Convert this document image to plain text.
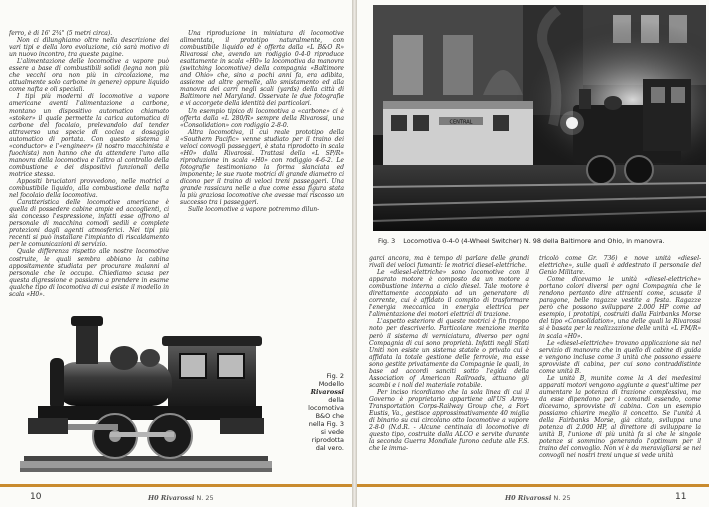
ferro, è di 16' 2¾" (5 metri circa).

Non ci dilunghiamo oltre nella descrizione dei vari tipi e della loro evoluzione, ciò sarà motivo di un nuovo incontro, tra queste pagine.

L'alimentazione delle locomotive a vapore può essere a base di combustibili solidi (legna non più che vecchi ora non più in circolazione, ma attualmente solo carbone in genere) oppure liquido come nafta e oli speciali.

I tipi più moderni di locomotive a vapore americane aventi l'alimentazione a carbone, montano un dispositivo automatico chiamato «stoker» il quale permette la carica automatica di carbone del focolaio, prelevandolo dal tender attraverso una specie di coclea a dosaggio automatico di portata. Con questo sistema il «conductor» e l'«engineer» (il nostro macchinista e fuochista) non hanno che da attendere l'uno alla manovra della locomotiva e l'altro al controllo della combustione e dei dispositivi funzionali della motrice stessa.

Appositi bruciatori provvedono, nelle motrici a combustibile liquido, alla combustione della nafta nel focolaio della locomotiva.

Caratteristica delle locomotive americane è quella di possedere cabine ampie ed accoglienti, ci sia concesso l'espressione, infatti esse offrono al personale di macchina comodi sedili e complete protezioni dagli agenti atmosferici. Nei tipi più recenti si può installare l'impianto di riscaldamento per le comunicazioni di servizio.

Quale differenza rispetto alle nostre locomotive costruite, le quali sembra abbiano la cabina appositamente studiata per procurare malanni al personale che le occupa. Chiediamo scusa per questa digressione e passiamo a prendere in esame qualche tipo di locomotiva di cui esiste il modello in scala «H0».

Una riproduzione in miniatura di locomotive alimentata, il prototipo naturalmente, con combustibile liquido ed è offerta dalla «L B&O R» Rivarossi che, avendo un rodiggio 0-4-0 riproduce esattamente in scala «H0» la locomotiva da manovra (switching locomotive) della compagnia «Baltimore and Ohio» che, sino a pochi anni fa, era adibita, assieme ad altre gemelle, allo smistamento ed alla manovra dei carri negli scali (yards) della città di Baltimore nel Maryland. Osservate le due fotografie e vi accorgete della identità dei particolari.

Un esempio tipico di locomotiva a «carbone» ci è offerta dalla «L 280/R» sempre della Rivarossi, una «Consolidation» con rodiggio 2-8-0.

Altra locomotiva, il cui reale prototipo della «Southern Pacific» venne studiato per il traino dei veloci convogli passeggeri, è stata riprodotto in scala «H0» dalla Rivarossi. Trattasi della «L SP/R» riproduzione in scala «H0» con rodiggio 4-6-2. Le fotografie testimoniano la forma slanciata ed imponente; le sue ruote motrici di grande diametro ci dicono per il traino di veloci treni passeggeri. Una grande rassicura nelle a due come essa figura stata la più graziosa locomotive che avesse mai riscosso un successo tra i passeggeri.

Sulle locomotive a vapore potremmo dilun-

Fig. 2
Modello
Rivarossi
della
locomotiva
B&O che
nella Fig. 3
si vede
riprodotta
dal vero.
10	H0 Rivarossi N. 25
CENTRAL
Fig. 3    Locomotiva 0-4-0 (4-Wheel Switcher) N. 98 della Baltimore and Ohio, in manovra.

garci ancora, ma è tempo di parlare delle grandi rivali dei veloci fumanti: le motrici diesel-elettriche.

Le «diesel-elettriche» sono locomotive con il apparato motore è composto da un motore a combustione interna a ciclo diesel. Tale motore è direttamente accoppiato ad un generatore di corrente, cui è affidato il compito di trasformare l'energia meccanica in energia elettrica per l'alimentazione dei motori elettrici di trazione.

L'aspetto esteriore di queste motrici è fin troppo noto per descriverlo. Particolare menzione merita però il sistema di verniciatura, diverso per ogni Compagnia di cui sono proprietà. Infatti negli Stati Uniti non esiste un sistema statale o privato cui è affidata la totale gestione delle ferrovie, ma esse sono gestite privatamente da Compagnie le quali, in base ad accordi sanciti sotto l'egida della Association of American Railroads, attuano gli scambi e i noli del materiale rotabile.

Per inciso ricordiamo che la sola linea di cui il Governo è proprietario appartiene all'US Army-Transportation Corps-Railway Group che, a Fort Eustis, Va., gestisce approssimativamente 40 miglia di binario su cui circolano otto locomotive a vapore 2-8-0 (N.d.R. - Alcune centinaia di locomotive di questo tipo, costruite dalla ALCO e servite durante la seconda Guerra Mondiale furono cedute alle F.S. che le imma-

tricolò come Gr. 736) e nove unità «diesel-elettriche», sulle quali è addestrato il personale del Genio Militare.

Come dicevamo le unità «diesel-elettriche» portano colori diversi per ogni Compagnia che le rendono pertanto dire attraenti come, scusate il paragone, belle ragazze vestite a festa. Ragazze però che possono sviluppare 2.000 HP come ad esempio, i prototipi, costruiti dalla Fairbanks Morse del tipo «Consolidation», una delle quali la Rivarossi si è basata per la realizzazione delle unità «L FM/R» in scala «H0».

Le «diesel-elettriche» trovano applicazione sia nel servizio di manovra che in quello di cabine di guida e vengono incluse come 3 unità che possono essere sprovviste di cabina, per cui sono contraddistinte come unità B.

Le unità B, munite come la A dei medesimi apparati motori vengono aggiunte a quest'ultime per aumentare la potenza di trazione complessiva, ma da esse dipendono per i comandi essendo, come dicevamo, sprovviste di cabina. Con un esempio possiamo chiarire meglio il concetto. Se l'unità A della Fairbanks Morse, già citata, sviluppa una potenza di 2.000 HP, al direttore di sviluppare la unità B, l'unione di più unità fa sì che le singole potenze si sommino generando l'optimum per il traino del convoglio. Non vi è da meravigliarsi se nei convogli nei nostri treni unque si vede unità

H0 Rivarossi N. 25	11
